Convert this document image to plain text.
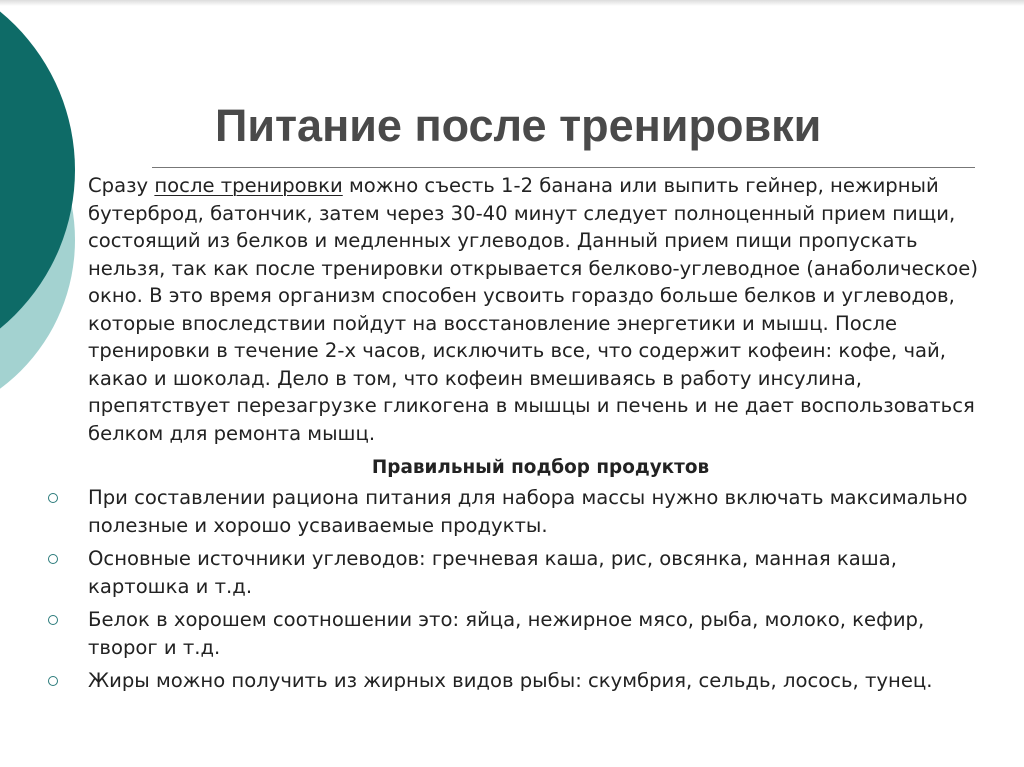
Питание после тренировки

Сразу после тренировки можно съесть 1-2 банана или выпить гейнер, нежирный бутерброд, батончик, затем через 30-40 минут следует полноценный прием пищи, состоящий из белков и медленных углеводов. Данный прием пищи пропускать нельзя, так как после тренировки открывается белково-углеводное (анаболическое) окно. В это время организм способен усвоить гораздо больше белков и углеводов, которые впоследствии пойдут на восстановление энергетики и мышц. После тренировки в течение 2-х часов, исключить все, что содержит кофеин: кофе, чай, какао и шоколад. Дело в том, что кофеин вмешиваясь в работу инсулина, препятствует перезагрузке гликогена в мышцы и печень и не дает воспользоваться белком для ремонта мышц.

Правильный подбор продуктов
При составлении рациона питания для набора массы нужно включать максимально полезные и хорошо усваиваемые продукты.
Основные источники углеводов: гречневая каша, рис, овсянка, манная каша, картошка и т.д.
Белок в хорошем соотношении это: яйца, нежирное мясо, рыба, молоко, кефир, творог и т.д.
Жиры можно получить из жирных видов рыбы: скумбрия, сельдь, лосось, тунец.
